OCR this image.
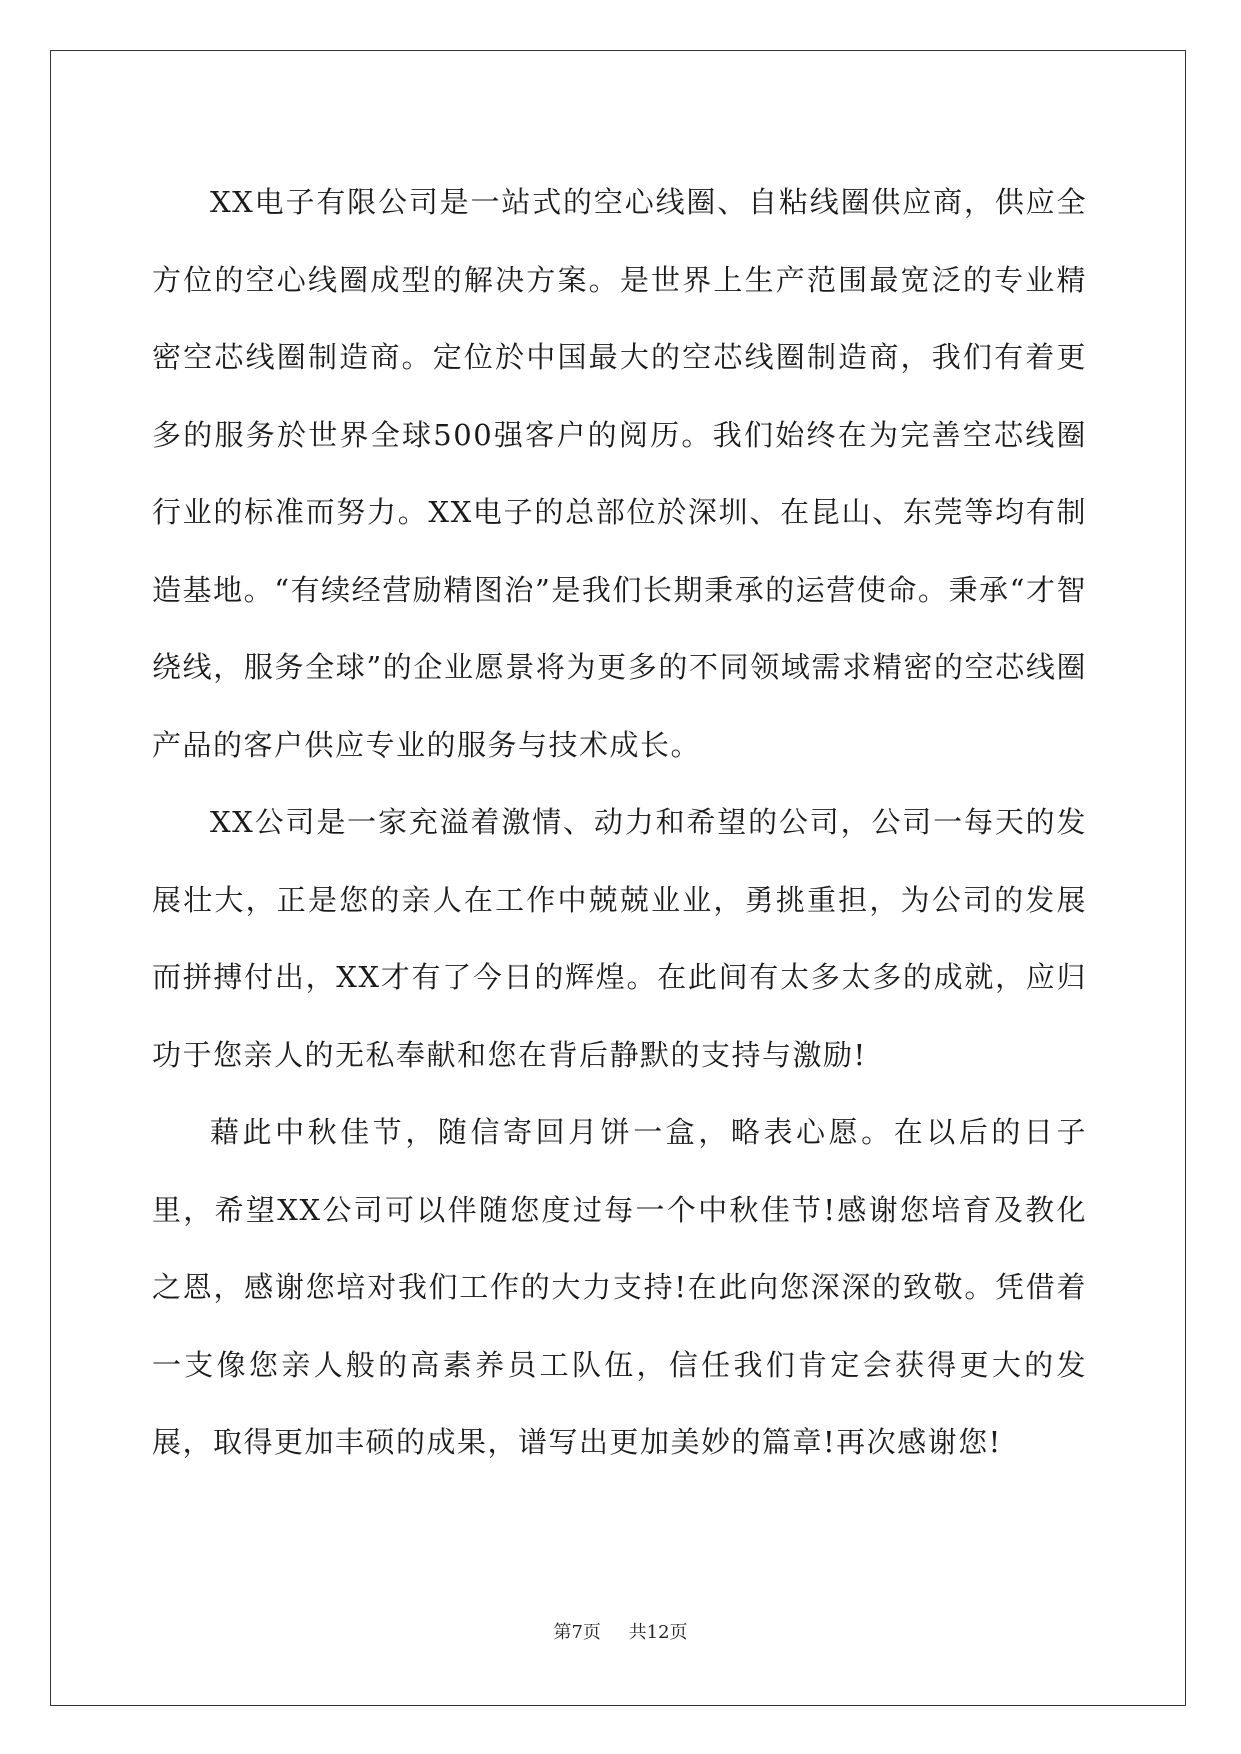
XX电子有限公司是一站式的空心线圈、自粘线圈供应商，供应全方位的空心线圈成型的解决方案。是世界上生产范围最宽泛的专业精密空芯线圈制造商。定位於中国最大的空芯线圈制造商，我们有着更多的服务於世界全球500强客户的阅历。我们始终在为完善空芯线圈行业的标准而努力。XX电子的总部位於深圳、在昆山、东莞等均有制造基地。“有续经营励精图治”是我们长期秉承的运营使命。秉承“才智绕线，服务全球”的企业愿景将为更多的不同领域需求精密的空芯线圈产品的客户供应专业的服务与技术成长。

XX公司是一家充溢着激情、动力和希望的公司，公司一每天的发展壮大，正是您的亲人在工作中兢兢业业，勇挑重担，为公司的发展而拼搏付出，XX才有了今日的辉煌。在此间有太多太多的成就，应归功于您亲人的无私奉献和您在背后静默的支持与激励!

藉此中秋佳节，随信寄回月饼一盒，略表心愿。在以后的日子里，希望XX公司可以伴随您度过每一个中秋佳节!感谢您培育及教化之恩，感谢您培对我们工作的大力支持!在此向您深深的致敬。凭借着一支像您亲人般的高素养员工队伍，信任我们肯定会获得更大的发展，取得更加丰硕的成果，谱写出更加美妙的篇章!再次感谢您!

第7页 共12页
